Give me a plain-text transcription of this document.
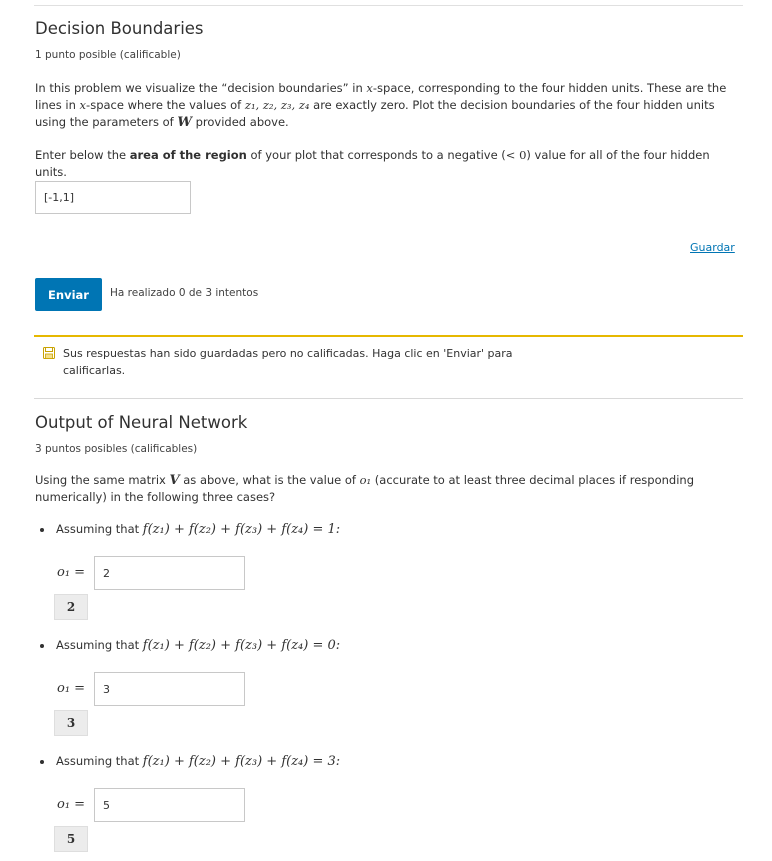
Decision Boundaries
1 punto posible (calificable)
In this problem we visualize the “decision boundaries” in x-space, corresponding to the four hidden units. These are the lines in x-space where the values of z₁, z₂, z₃, z₄ are exactly zero. Plot the decision boundaries of the four hidden units using the parameters of W provided above.
Enter below the area of the region of your plot that corresponds to a negative (< 0) value for all of the four hidden units.
[-1,1]
Guardar
Enviar	Ha realizado 0 de 3 intentos
Sus respuestas han sido guardadas pero no calificadas. Haga clic en 'Enviar' para calificarlas.
Output of Neural Network
3 puntos posibles (calificables)
Using the same matrix V as above, what is the value of o₁ (accurate to at least three decimal places if responding numerically) in the following three cases?
Assuming that f(z₁) + f(z₂) + f(z₃) + f(z₄) = 1:
o₁ =
2
2
Assuming that f(z₁) + f(z₂) + f(z₃) + f(z₄) = 0:
o₁ =
3
3
Assuming that f(z₁) + f(z₂) + f(z₃) + f(z₄) = 3:
o₁ =
5
5
